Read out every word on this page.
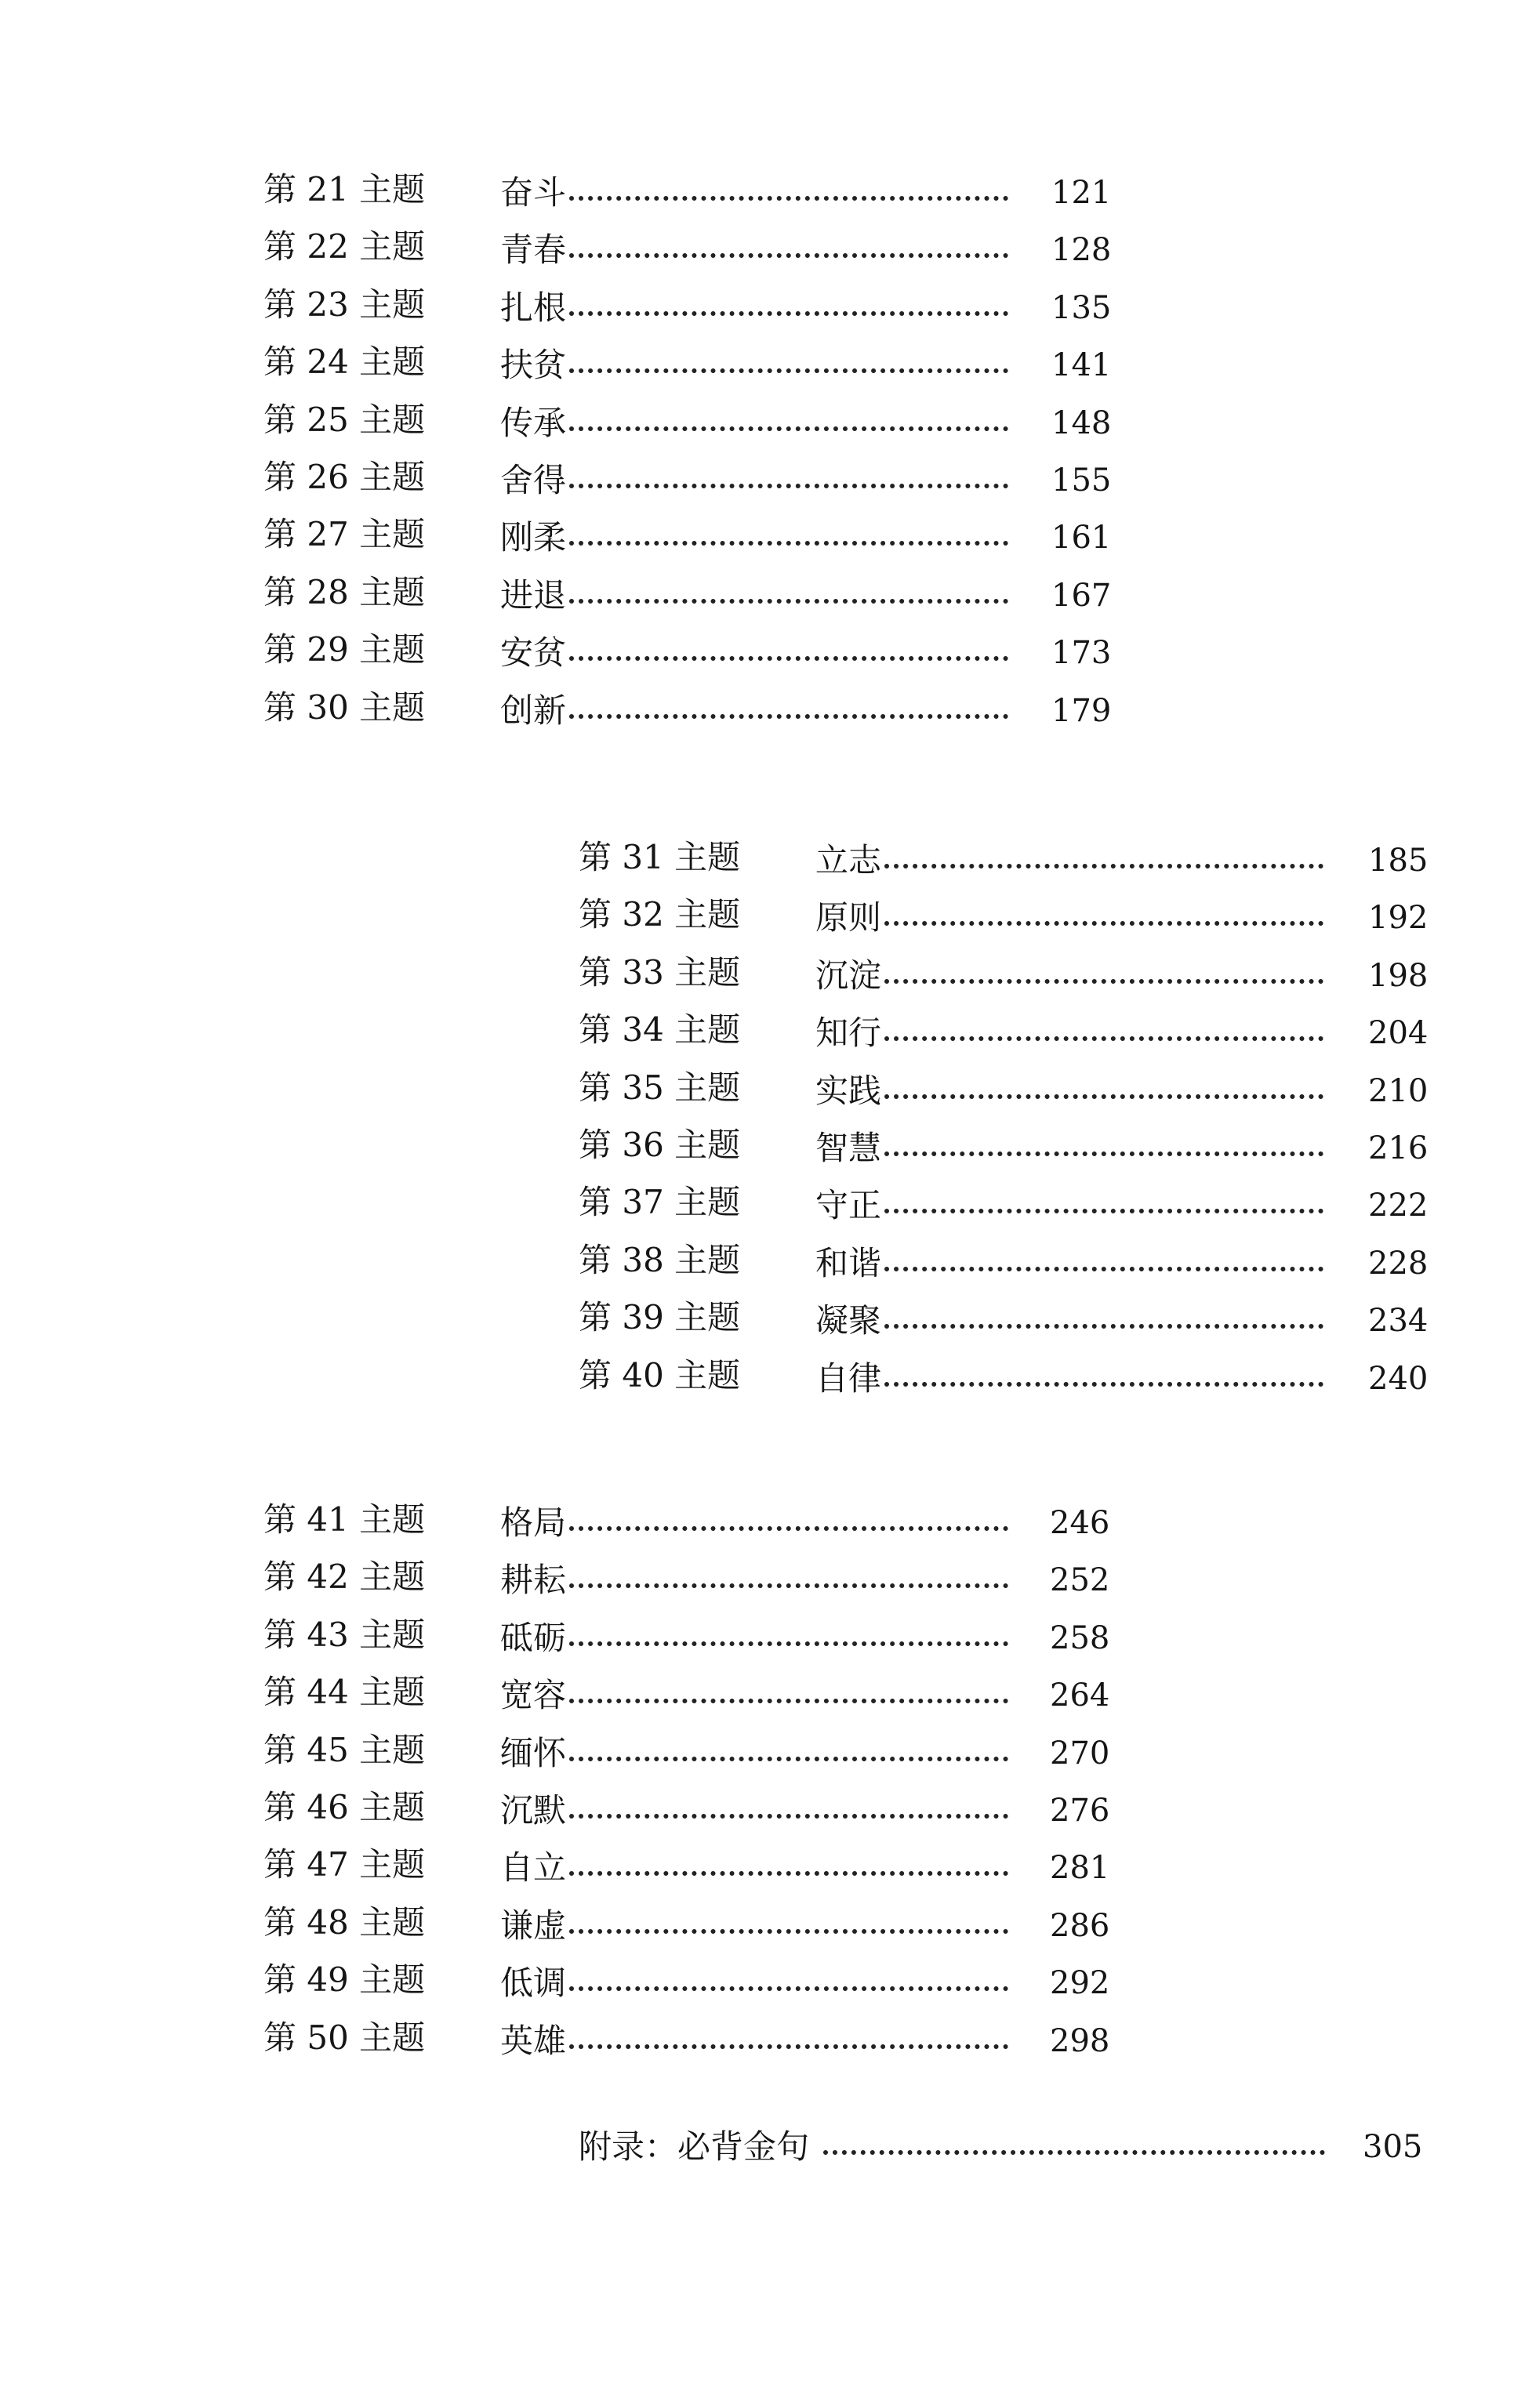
第 21 主题 奋斗	121
第 22 主题 青春	128
第 23 主题 扎根	135
第 24 主题 扶贫	141
第 25 主题 传承	148
第 26 主题 舍得	155
第 27 主题 刚柔	161
第 28 主题 进退	167
第 29 主题 安贫	173
第 30 主题 创新	179
第 31 主题 立志	185
第 32 主题 原则	192
第 33 主题 沉淀	198
第 34 主题 知行	204
第 35 主题 实践	210
第 36 主题 智慧	216
第 37 主题 守正	222
第 38 主题 和谐	228
第 39 主题 凝聚	234
第 40 主题 自律	240
第 41 主题 格局	246
第 42 主题 耕耘	252
第 43 主题 砥砺	258
第 44 主题 宽容	264
第 45 主题 缅怀	270
第 46 主题 沉默	276
第 47 主题 自立	281
第 48 主题 谦虚	286
第 49 主题 低调	292
第 50 主题 英雄	298
附录：必背金句	305
